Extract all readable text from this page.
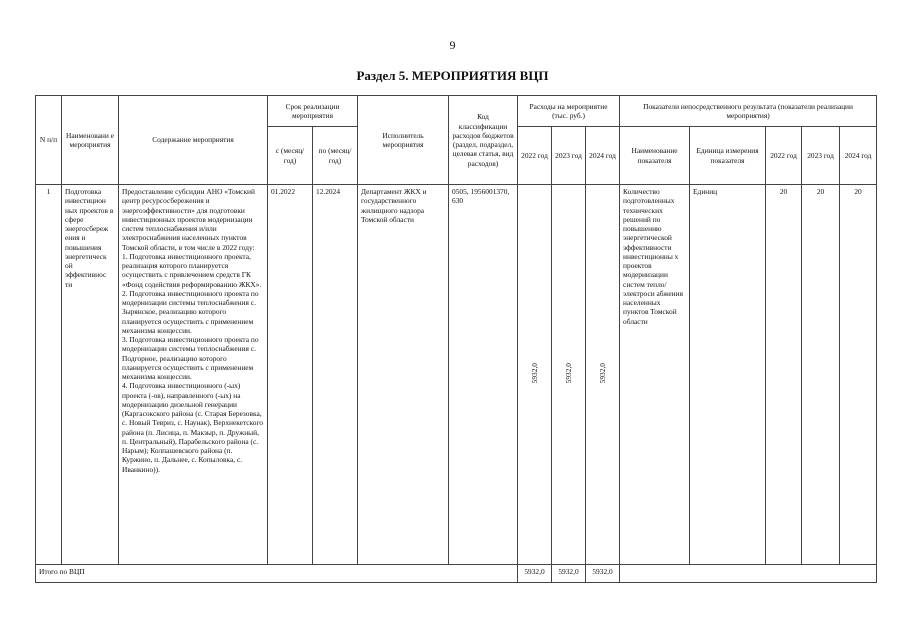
9
Раздел 5. МЕРОПРИЯТИЯ ВЦП
N п/п	Наименовани е мероприятия	Содержание мероприятия	Срок реализации мероприятия		Исполнитель мероприятия	Код классификации расходов бюджетов (раздел, подраздел, целевая статья, вид расходов)	Расходы на мероприятие (тыс. руб.)			Показатели непосредственного результата (показатели реализации мероприятия)				
			с (месяц/ год)	по (месяц/ год)			2022 год	2023 год	2024 год	Наименование показателя	Единица измерения показателя	2022 год	2023 год	2024 год
1	Подготовка инвестицион ных проектов в сфере энергосбереж ения и повышения энергетическ ой эффективнос ти	Предоставление субсидии АНО «Томский центр ресурсосбережения и энергоэффективности» для подготовки инвестиционных проектов модернизации систем теплоснабжения и/или электроснабжения населенных пунктов Томской области, в том числе в 2022 году:
1. Подготовка инвестиционного проекта, реализация которого планируется осуществить с привлечением средств ГК «Фонд содействия реформированию ЖКХ».
2. Подготовка инвестиционного проекта по модернизации системы теплоснабжения с. Зырянское, реализацию которого планируется осуществить с применением механизма концессии.
3. Подготовка инвестиционного проекта по модернизации системы теплоснабжения с. Подгорное, реализацию которого планируется осуществить с применением механизма концессии.
4. Подготовка инвестиционного (-ых) проекта (-ов), направленного (-ых) на модернизацию дизельной генерации (Каргасокского района (с. Старая Березовка, с. Новый Тевриз, с. Наунак), Верхнекетского района (п. Лисица, п. Макзыр, п. Дружный, п. Центральный), Парабельского района (с. Нарым); Колпашевского района (п. Куржино, п. Дальнее, с. Копыловка, с. Иванкино)).	01.2022	12.2024	Департамент ЖКХ и государственного жилищного надзора Томской области	0505, 1956001370, 630	5932,0	5932,0	5932,0	Количество подготовленных технических решений по повышению энергетической эффективности инвестиционны х проектов модернизации систем тепло/электроси абжения населенных пунктов Томской области	Единиц	20	20	20
Итого по ВЦП							5932,0	5932,0	5932,0					
